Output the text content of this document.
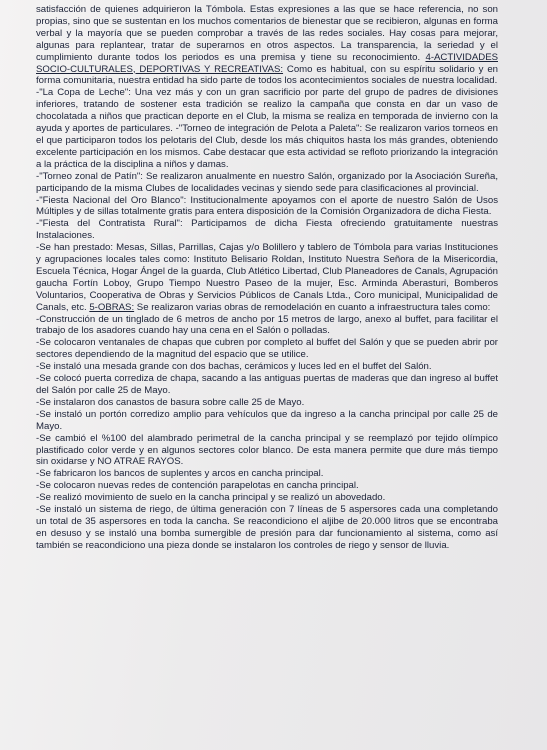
satisfacción de quienes adquirieron la Tómbola. Estas expresiones a las que se hace referencia, no son propias, sino que se sustentan en los muchos comentarios de bienestar que se recibieron, algunas en forma verbal y la mayoría que se pueden comprobar a través de las redes sociales. Hay cosas para mejorar, algunas para replantear, tratar de superarnos en otros aspectos. La transparencia, la seriedad y el cumplimiento durante todos los periodos es una premisa y tiene su reconocimiento. 4-ACTIVIDADES SOCIO-CULTURALES, DEPORTIVAS Y RECREATIVAS: Como es habitual, con su espíritu solidario y en forma comunitaria, nuestra entidad ha sido parte de todos los acontecimientos sociales de nuestra localidad.

-"La Copa de Leche": Una vez más y con un gran sacrificio por parte del grupo de padres de divisiones inferiores, tratando de sostener esta tradición se realizo la campaña que consta en dar un vaso de chocolatada a niños que practican deporte en el Club, la misma se realiza en temporada de invierno con la ayuda y aportes de particulares. -"Torneo de integración de Pelota a Paleta": Se realizaron varios torneos en el que participaron todos los pelotaris del Club, desde los más chiquitos hasta los más grandes, obteniendo excelente participación en los mismos. Cabe destacar que esta actividad se refloto priorizando la integración a la práctica de la disciplina a niños y damas.

-"Torneo zonal de Patín": Se realizaron anualmente en nuestro Salón, organizado por la Asociación Sureña, participando de la misma Clubes de localidades vecinas y siendo sede para clasificaciones al provincial.

-"Fiesta Nacional del Oro Blanco": Institucionalmente apoyamos con el aporte de nuestro Salón de Usos Múltiples y de sillas totalmente gratis para entera disposición de la Comisión Organizadora de dicha Fiesta.

-"Fiesta del Contratista Rural": Participamos de dicha Fiesta ofreciendo gratuitamente nuestras Instalaciones.

-Se han prestado: Mesas, Sillas, Parrillas, Cajas y/o Bolillero y tablero de Tómbola para varias Instituciones y agrupaciones locales tales como: Instituto Belisario Roldan, Instituto Nuestra Señora de la Misericordia, Escuela Técnica, Hogar Ángel de la guarda, Club Atlético Libertad, Club Planeadores de Canals, Agrupación gaucha Fortín Loboy, Grupo Tiempo Nuestro Paseo de la mujer, Esc. Arminda Aberasturi, Bomberos Voluntarios, Cooperativa de Obras y Servicios Públicos de Canals Ltda., Coro municipal, Municipalidad de Canals, etc. 5-OBRAS: Se realizaron varias obras de remodelación en cuanto a infraestructura tales como:

-Construcción de un tinglado de 6 metros de ancho por 15 metros de largo, anexo al buffet, para facilitar el trabajo de los asadores cuando hay una cena en el Salón o polladas.

-Se colocaron ventanales de chapas que cubren por completo al buffet del Salón y que se pueden abrir por sectores dependiendo de la magnitud del espacio que se utilice.

-Se instaló una mesada grande con dos bachas, cerámicos y luces led en el buffet del Salón.

-Se colocó puerta corrediza de chapa, sacando a las antiguas puertas de maderas que dan ingreso al buffet del Salón por calle 25 de Mayo.

-Se instalaron dos canastos de basura sobre calle 25 de Mayo.

-Se instaló un portón corredizo amplio para vehículos que da ingreso a la cancha principal por calle 25 de Mayo.

-Se cambió el %100 del alambrado perimetral de la cancha principal y se reemplazó por tejido olímpico plastificado color verde y en algunos sectores color blanco. De esta manera permite que dure más tiempo sin oxidarse y NO ATRAE RAYOS.

-Se fabricaron los bancos de suplentes y arcos en cancha principal.

-Se colocaron nuevas redes de contención parapelotas en cancha principal.

-Se realizó movimiento de suelo en la cancha principal y se realizó un abovedado.

-Se instaló un sistema de riego, de última generación con 7 líneas de 5 aspersores cada una completando un total de 35 aspersores en toda la cancha. Se reacondiciono el aljibe de 20.000 litros que se encontraba en desuso y se instaló una bomba sumergible de presión para dar funcionamiento al sistema, como así también se reacondiciono una pieza donde se instalaron los controles de riego y sensor de lluvia.
